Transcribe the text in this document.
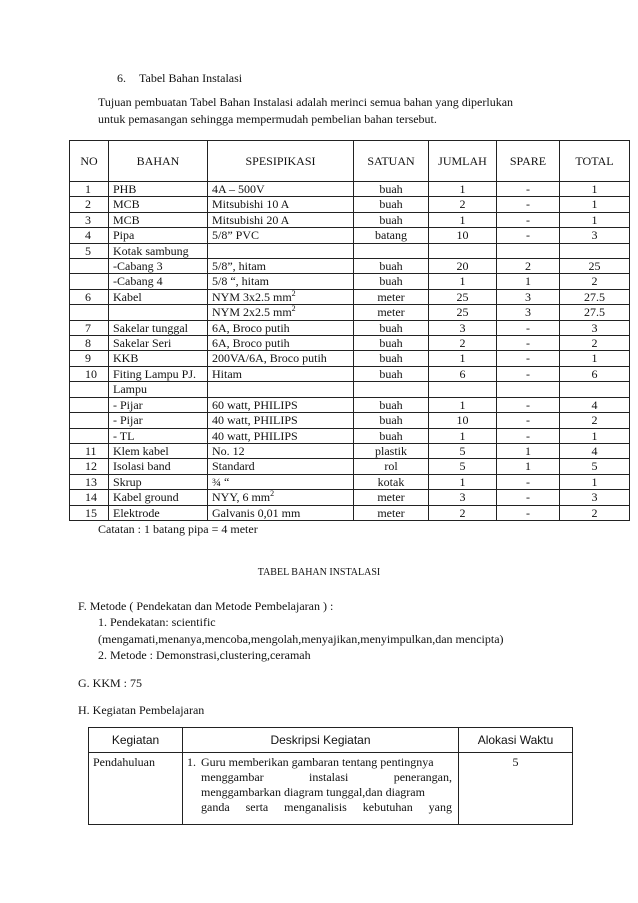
6. Tabel Bahan Instalasi
Tujuan pembuatan Tabel Bahan Instalasi adalah merinci semua bahan yang diperlukan
untuk pemasangan sehingga mempermudah pembelian bahan tersebut.
NO	BAHAN	SPESIPIKASI	SATUAN	JUMLAH	SPARE	TOTAL
1	PHB	4A – 500V	buah	1	-	1
2	MCB	Mitsubishi 10 A	buah	2	-	1
3	MCB	Mitsubishi 20 A	buah	1	-	1
4	Pipa	5/8” PVC	batang	10	-	3
5	Kotak sambung					
	-Cabang 3	5/8”, hitam	buah	20	2	25
	-Cabang 4	5/8 “, hitam	buah	1	1	2
6	Kabel	NYM 3x2.5 $mm^2$	meter	25	3	27.5
		NYM 2x2.5 $mm^2$	meter	25	3	27.5
7	Sakelar tunggal	6A, Broco putih	buah	3	-	3
8	Sakelar Seri	6A, Broco putih	buah	2	-	2
9	KKB	200VA/6A, Broco putih	buah	1	-	1
10	Fiting Lampu PJ.	Hitam	buah	6	-	6
	Lampu					
	- Pijar	60 watt, PHILIPS	buah	1	-	4
	- Pijar	40 watt, PHILIPS	buah	10	-	2
	- TL	40 watt, PHILIPS	buah	1	-	1
11	Klem kabel	No. 12	plastik	5	1	4
12	Isolasi band	Standard	rol	5	1	5
13	Skrup	¾ “	kotak	1	-	1
14	Kabel ground	NYY, 6 $mm^2$	meter	3	-	3
15	Elektrode	Galvanis 0,01 mm	meter	2	-	2
Catatan : 1 batang pipa = 4 meter
TABEL BAHAN INSTALASI
F. Metode ( Pendekatan dan Metode Pembelajaran ) :
1. Pendekatan: scientific
(mengamati,menanya,mencoba,mengolah,menyajikan,menyimpulkan,dan mencipta)
2. Metode : Demonstrasi,clustering,ceramah
G. KKM : 75
H. Kegiatan Pembelajaran
Kegiatan	Deskripsi Kegiatan	Alokasi Waktu
Pendahuluan	1. Guru memberikan gambaran tentang pentingnya
menggambar instalasi penerangan,
menggambarkan diagram tunggal,dan diagram
ganda serta menganalisis kebutuhan yang	5
